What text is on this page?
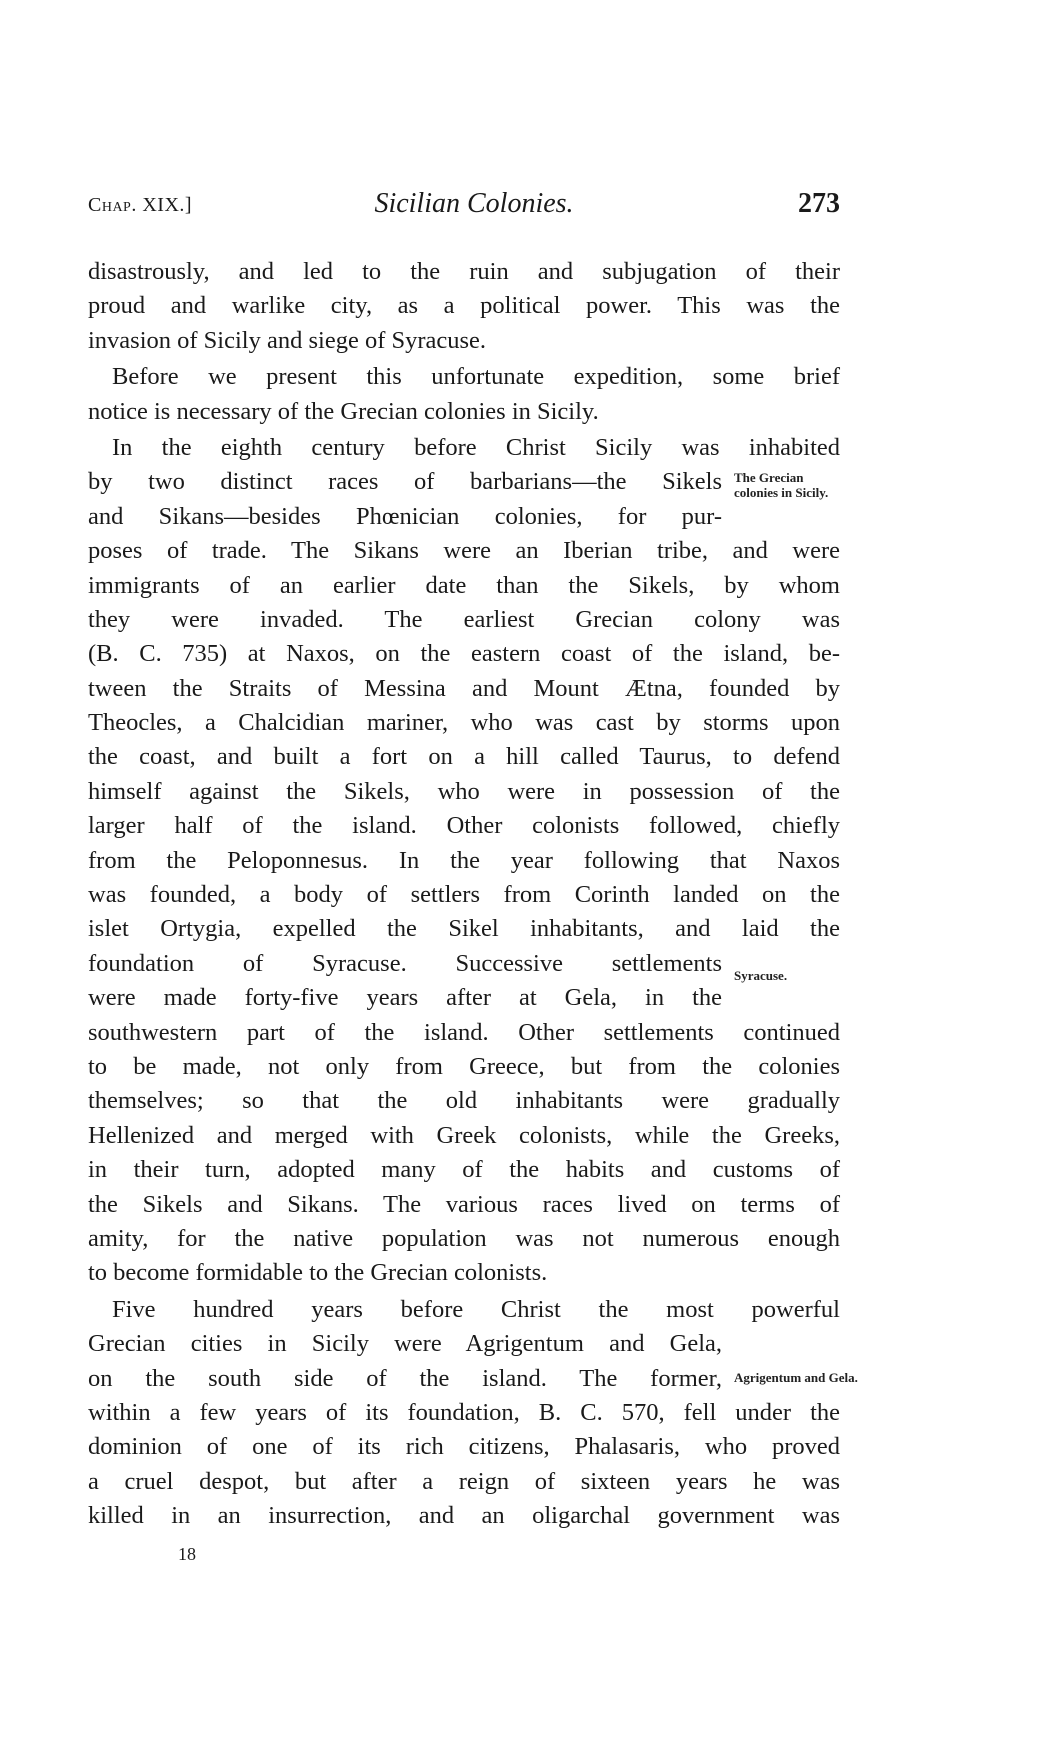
Chap. XIX.]	Sicilian Colonies.	273
disastrously, and led to the ruin and subjugation of their
proud and warlike city, as a political power. This was the
invasion of Sicily and siege of Syracuse.
Before we present this unfortunate expedition, some brief
notice is necessary of the Grecian colonies in Sicily.
In the eighth century before Christ Sicily was inhabited
by two distinct races of barbarians—the Sikels
and Sikans—besides Phœnician colonies, for pur-
poses of trade. The Sikans were an Iberian tribe, and were
immigrants of an earlier date than the Sikels, by whom
they were invaded. The earliest Grecian colony was
(B. C. 735) at Naxos, on the eastern coast of the island, be-
tween the Straits of Messina and Mount Ætna, founded by
Theocles, a Chalcidian mariner, who was cast by storms upon
the coast, and built a fort on a hill called Taurus, to defend
himself against the Sikels, who were in possession of the
larger half of the island. Other colonists followed, chiefly
from the Peloponnesus. In the year following that Naxos
was founded, a body of settlers from Corinth landed on the
islet Ortygia, expelled the Sikel inhabitants, and laid the
foundation of Syracuse. Successive settlements
were made forty-five years after at Gela, in the
southwestern part of the island. Other settlements continued
to be made, not only from Greece, but from the colonies
themselves; so that the old inhabitants were gradually
Hellenized and merged with Greek colonists, while the Greeks,
in their turn, adopted many of the habits and customs of
the Sikels and Sikans. The various races lived on terms of
amity, for the native population was not numerous enough
to become formidable to the Grecian colonists.
Five hundred years before Christ the most powerful
Grecian cities in Sicily were Agrigentum and Gela,
on the south side of the island. The former,
within a few years of its foundation, B. C. 570, fell under the
dominion of one of its rich citizens, Phalasaris, who proved
a cruel despot, but after a reign of sixteen years he was
killed in an insurrection, and an oligarchal government was
The Grecian colonies in Sicily.
Syracuse.
Agrigentum and Gela.
18
